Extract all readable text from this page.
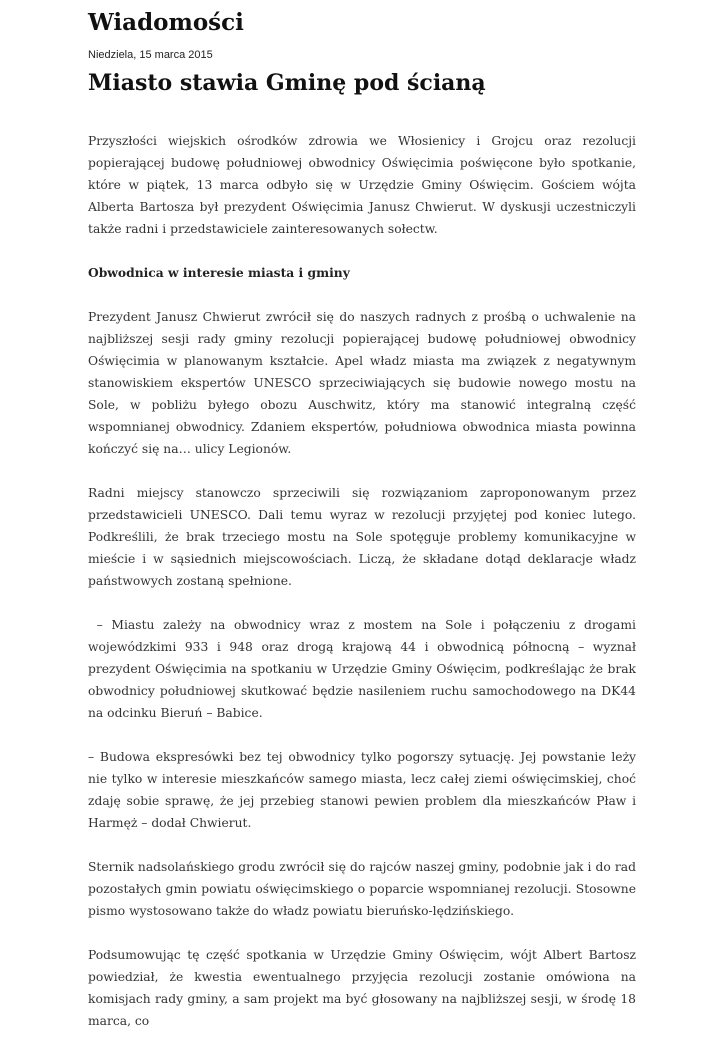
Wiadomości
Niedziela, 15 marca 2015
Miasto stawia Gminę pod ścianą

Przyszłości wiejskich ośrodków zdrowia we Włosienicy i Grojcu oraz rezolucji popierającej budowę południowej obwodnicy Oświęcimia poświęcone było spotkanie, które w piątek, 13 marca odbyło się w Urzędzie Gminy Oświęcim. Gościem wójta Alberta Bartosza był prezydent Oświęcimia Janusz Chwierut. W dyskusji uczestniczyli także radni i przedstawiciele zainteresowanych sołectw.

Obwodnica w interesie miasta i gminy

Prezydent Janusz Chwierut zwrócił się do naszych radnych z prośbą o uchwalenie na najbliższej sesji rady gminy rezolucji popierającej budowę południowej obwodnicy Oświęcimia w planowanym kształcie. Apel władz miasta ma związek z negatywnym stanowiskiem ekspertów UNESCO sprzeciwiających się budowie nowego mostu na Sole, w pobliżu byłego obozu Auschwitz, który ma stanowić integralną część wspomnianej obwodnicy. Zdaniem ekspertów, południowa obwodnica miasta powinna kończyć się na… ulicy Legionów.

Radni miejscy stanowczo sprzeciwili się rozwiązaniom zaproponowanym przez przedstawicieli UNESCO. Dali temu wyraz w rezolucji przyjętej pod koniec lutego. Podkreślili, że brak trzeciego mostu na Sole spotęguje problemy komunikacyjne w mieście i w sąsiednich miejscowościach. Liczą, że składane dotąd deklaracje władz państwowych zostaną spełnione.

– Miastu zależy na obwodnicy wraz z mostem na Sole i połączeniu z drogami wojewódzkimi 933 i 948 oraz drogą krajową 44 i obwodnicą północną – wyznał prezydent Oświęcimia na spotkaniu w Urzędzie Gminy Oświęcim, podkreślając że brak obwodnicy południowej skutkować będzie nasileniem ruchu samochodowego na DK44 na odcinku Bieruń – Babice.

– Budowa ekspresówki bez tej obwodnicy tylko pogorszy sytuację. Jej powstanie leży nie tylko w interesie mieszkańców samego miasta, lecz całej ziemi oświęcimskiej, choć zdaję sobie sprawę, że jej przebieg stanowi pewien problem dla mieszkańców Pław i Harmęż – dodał Chwierut.

Sternik nadsolańskiego grodu zwrócił się do rajców naszej gminy, podobnie jak i do rad pozostałych gmin powiatu oświęcimskiego o poparcie wspomnianej rezolucji. Stosowne pismo wystosowano także do władz powiatu bieruńsko-lędzińskiego.

Podsumowując tę część spotkania w Urzędzie Gminy Oświęcim, wójt Albert Bartosz powiedział, że kwestia ewentualnego przyjęcia rezolucji zostanie omówiona na komisjach rady gminy, a sam projekt ma być głosowany na najbliższej sesji, w środę 18 marca, co
